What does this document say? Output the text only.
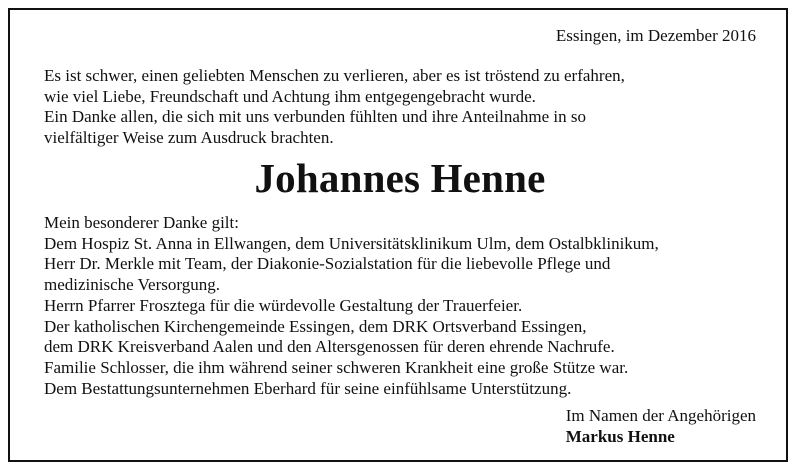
Essingen, im Dezember 2016
Es ist schwer, einen geliebten Menschen zu verlieren, aber es ist tröstend zu erfahren,
wie viel Liebe, Freundschaft und Achtung ihm entgegengebracht wurde.
Ein Danke allen, die sich mit uns verbunden fühlten und ihre Anteilnahme in so
vielfältiger Weise zum Ausdruck brachten.
Johannes Henne
Mein besonderer Danke gilt:
Dem Hospiz St. Anna in Ellwangen, dem Universitätsklinikum Ulm, dem Ostalbklinikum,
Herr Dr. Merkle mit Team, der Diakonie-Sozialstation für die liebevolle Pflege und
medizinische Versorgung.
Herrn Pfarrer Frosztega für die würdevolle Gestaltung der Trauerfeier.
Der katholischen Kirchengemeinde Essingen, dem DRK Ortsverband Essingen,
dem DRK Kreisverband Aalen und den Altersgenossen für deren ehrende Nachrufe.
Familie Schlosser, die ihm während seiner schweren Krankheit eine große Stütze war.
Dem Bestattungsunternehmen Eberhard für seine einfühlsame Unterstützung.
Im Namen der Angehörigen
Markus Henne
